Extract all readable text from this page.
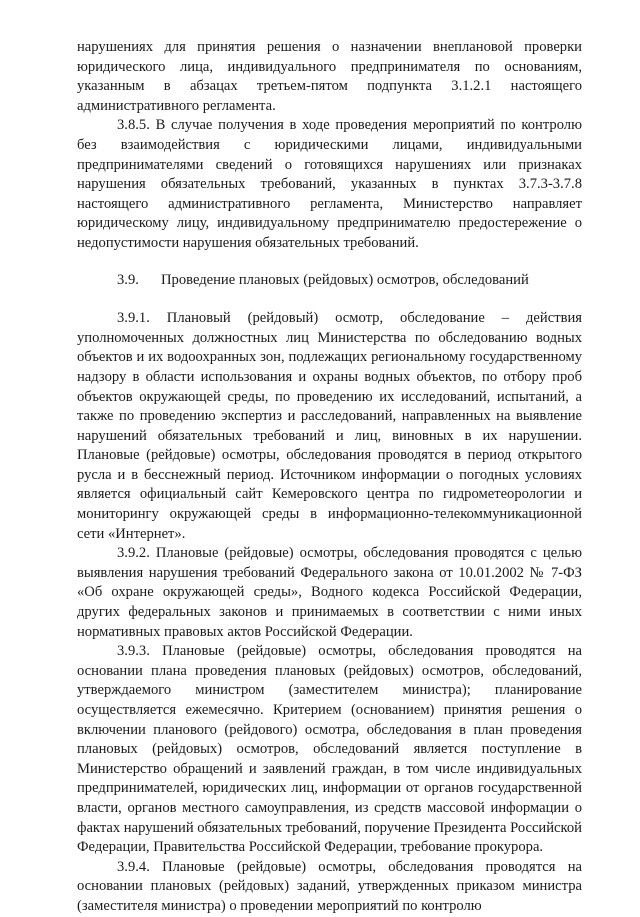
нарушениях для принятия решения о назначении внеплановой проверки юридического лица, индивидуального предпринимателя по основаниям, указанным в абзацах третьем-пятом подпункта 3.1.2.1 настоящего административного регламента.

3.8.5. В случае получения в ходе проведения мероприятий по контролю без взаимодействия с юридическими лицами, индивидуальными предпринимателями сведений о готовящихся нарушениях или признаках нарушения обязательных требований, указанных в пунктах 3.7.3-3.7.8 настоящего административного регламента, Министерство направляет юридическому лицу, индивидуальному предпринимателю предостережение о недопустимости нарушения обязательных требований.

3.9. Проведение плановых (рейдовых) осмотров, обследований

3.9.1. Плановый (рейдовый) осмотр, обследование – действия уполномоченных должностных лиц Министерства по обследованию водных объектов и их водоохранных зон, подлежащих региональному государственному надзору в области использования и охраны водных объектов, по отбору проб объектов окружающей среды, по проведению их исследований, испытаний, а также по проведению экспертиз и расследований, направленных на выявление нарушений обязательных требований и лиц, виновных в их нарушении. Плановые (рейдовые) осмотры, обследования проводятся в период открытого русла и в бесснежный период. Источником информации о погодных условиях является официальный сайт Кемеровского центра по гидрометеорологии и мониторингу окружающей среды в информационно-телекоммуникационной сети «Интернет».

3.9.2. Плановые (рейдовые) осмотры, обследования проводятся с целью выявления нарушения требований Федерального закона от 10.01.2002 № 7-ФЗ «Об охране окружающей среды», Водного кодекса Российской Федерации, других федеральных законов и принимаемых в соответствии с ними иных нормативных правовых актов Российской Федерации.

3.9.3. Плановые (рейдовые) осмотры, обследования проводятся на основании плана проведения плановых (рейдовых) осмотров, обследований, утверждаемого министром (заместителем министра); планирование осуществляется ежемесячно. Критерием (основанием) принятия решения о включении планового (рейдового) осмотра, обследования в план проведения плановых (рейдовых) осмотров, обследований является поступление в Министерство обращений и заявлений граждан, в том числе индивидуальных предпринимателей, юридических лиц, информации от органов государственной власти, органов местного самоуправления, из средств массовой информации о фактах нарушений обязательных требований, поручение Президента Российской Федерации, Правительства Российской Федерации, требование прокурора.

3.9.4. Плановые (рейдовые) осмотры, обследования проводятся на основании плановых (рейдовых) заданий, утвержденных приказом министра (заместителя министра) о проведении мероприятий по контролю
